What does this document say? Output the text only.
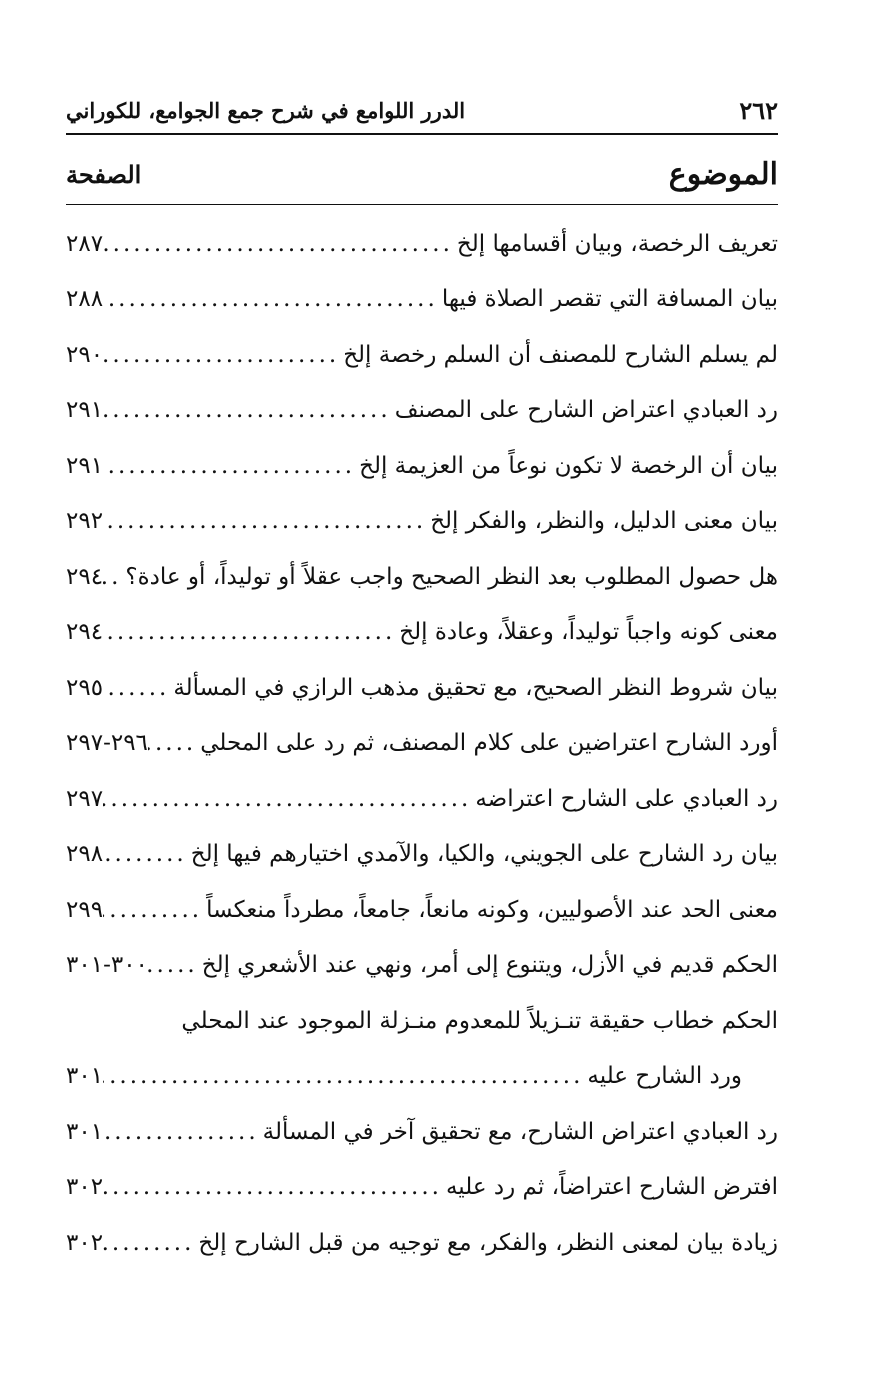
٢٦٢
الدرر اللوامع في شرح جمع الجوامع، للكوراني
الموضوع
الصفحة
تعريف الرخصة، وبيان أقسامها إلخ
.....
٢٨٧
بيان المسافة التي تقصر الصلاة فيها
.....
٢٨٨
لم يسلم الشارح للمصنف أن السلم رخصة إلخ
.....
٢٩٠
رد العبادي اعتراض الشارح على المصنف
.....
٢٩١
بيان أن الرخصة لا تكون نوعاً من العزيمة إلخ
.....
٢٩١
بيان معنى الدليل، والنظر، والفكر إلخ
.....
٢٩٢
هل حصول المطلوب بعد النظر الصحيح واجب عقلاً أو توليداً، أو عادة؟
.....
٢٩٤
معنى كونه واجباً توليداً، وعقلاً، وعادة إلخ
.....
٢٩٤
بيان شروط النظر الصحيح، مع تحقيق مذهب الرازي في المسألة
.....
٢٩٥
أورد الشارح اعتراضين على كلام المصنف، ثم رد على المحلي
.....
٢٩٦-٢٩٧
رد العبادي على الشارح اعتراضه
.....
٢٩٧
بيان رد الشارح على الجويني، والكيا، والآمدي اختيارهم فيها إلخ
.....
٢٩٨
معنى الحد عند الأصوليين، وكونه مانعاً، جامعاً، مطرداً منعكساً
.....
٢٩٩
الحكم قديم في الأزل، ويتنوع إلى أمر، ونهي عند الأشعري إلخ
.....
٣٠٠-٣٠١
الحكم خطاب حقيقة تنـزيلاً للمعدوم منـزلة الموجود عند المحلي
ورد الشارح عليه
.....
٣٠١
رد العبادي اعتراض الشارح، مع تحقيق آخر في المسألة
.....
٣٠١
افترض الشارح اعتراضاً، ثم رد عليه
.....
٣٠٢
زيادة بيان لمعنى النظر، والفكر، مع توجيه من قبل الشارح إلخ
.....
٣٠٢
